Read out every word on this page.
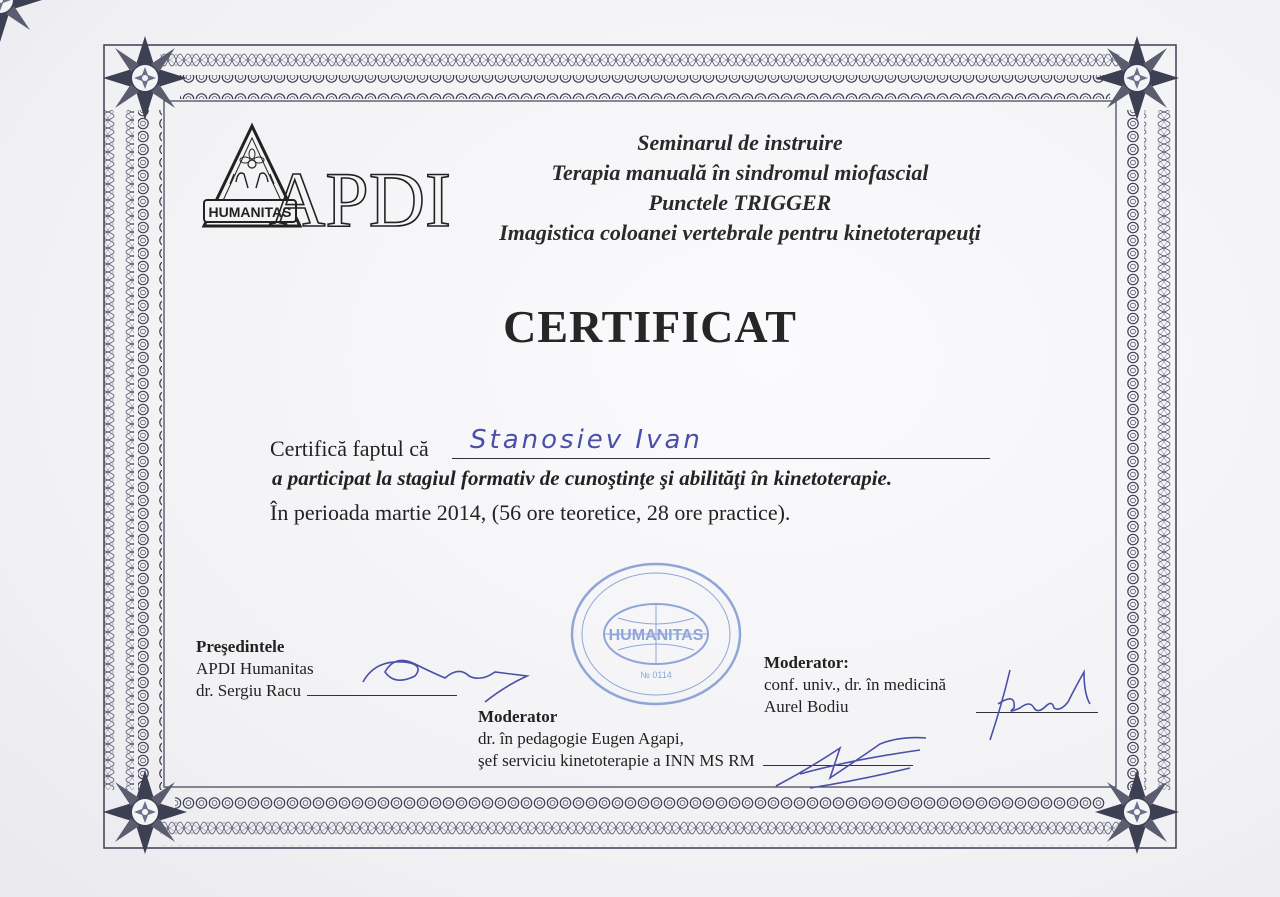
HUMANITAS
APDI
Seminarul de instruire
Terapia manuală în sindromul miofascial
Punctele TRIGGER
Imagistica coloanei vertebrale pentru kinetoterapeuţi
CERTIFICAT
Certifică faptul că Stanosiev Ivan
a participat la stagiul formativ de cunoştinţe şi abilităţi în kinetoterapie.
În perioada martie 2014, (56 ore teoretice, 28 ore practice).
HUMANITAS
№ 0114
Preşedintele
APDI Humanitas
dr. Sergiu Racu
Moderator
dr. în pedagogie Eugen Agapi,
şef serviciu kinetoterapie a INN MS RM
Moderator:
conf. univ., dr. în medicină
Aurel Bodiu
